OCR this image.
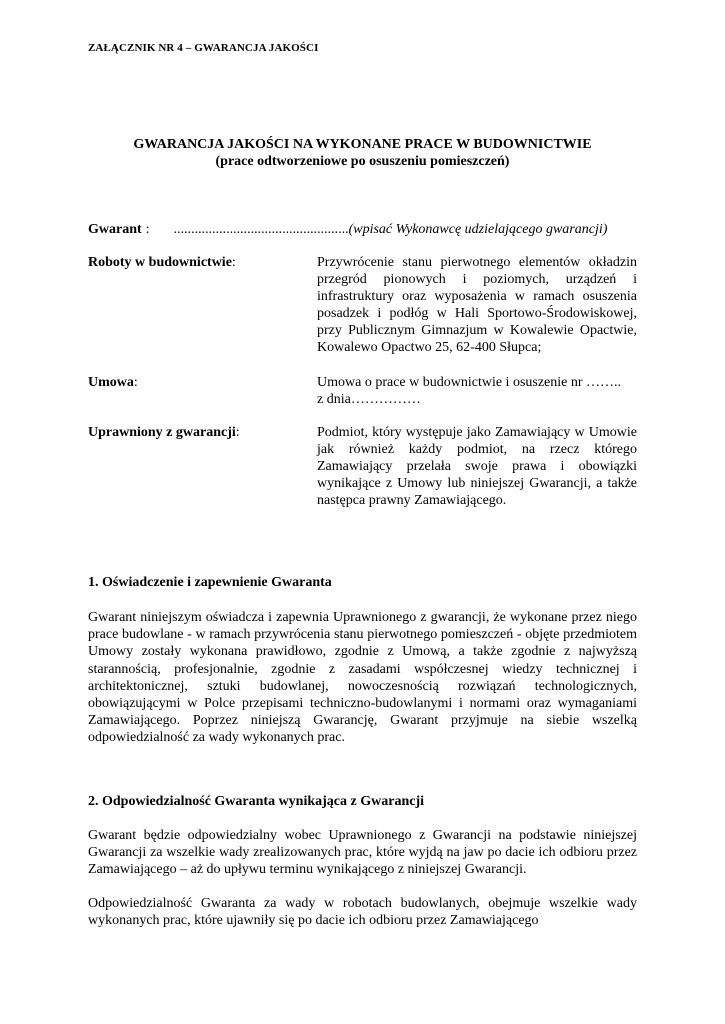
ZAŁĄCZNIK NR 4 – GWARANCJA JAKOŚCI
GWARANCJA JAKOŚCI NA WYKONANE PRACE W BUDOWNICTWIE
(prace odtworzeniowe po osuszeniu pomieszczeń)
Gwarant : ..................................................(wpisać Wykonawcę udzielającego gwarancji)
Roboty w budownictwie:	Przywrócenie stanu pierwotnego elementów okładzin przegród pionowych i poziomych, urządzeń i infrastruktury oraz wyposażenia w ramach osuszenia posadzek i podłóg w Hali Sportowo-Środowiskowej, przy Publicznym Gimnazjum w Kowalewie Opactwie, Kowalewo Opactwo 25, 62-400 Słupca;
Umowa:	Umowa o prace w budownictwie i osuszenie nr ……..
z dnia……………
Uprawniony z gwarancji:	Podmiot, który występuje jako Zamawiający w Umowie jak również każdy podmiot, na rzecz którego Zamawiający przelała swoje prawa i obowiązki wynikające z Umowy lub niniejszej Gwarancji, a także następca prawny Zamawiającego.
1. Oświadczenie i zapewnienie Gwaranta
Gwarant niniejszym oświadcza i zapewnia Uprawnionego z gwarancji, że wykonane przez niego prace budowlane - w ramach przywrócenia stanu pierwotnego pomieszczeń - objęte przedmiotem Umowy zostały wykonana prawidłowo, zgodnie z Umową, a także zgodnie z najwyższą starannością, profesjonalnie, zgodnie z zasadami współczesnej wiedzy technicznej i architektonicznej, sztuki budowlanej, nowoczesnością rozwiązań technologicznych, obowiązującymi w Polce przepisami techniczno-budowlanymi i normami oraz wymaganiami Zamawiającego. Poprzez niniejszą Gwarancję, Gwarant przyjmuje na siebie wszelką odpowiedzialność za wady wykonanych prac.
2. Odpowiedzialność Gwaranta wynikająca z Gwarancji
Gwarant będzie odpowiedzialny wobec Uprawnionego z Gwarancji na podstawie niniejszej Gwarancji za wszelkie wady zrealizowanych prac, które wyjdą na jaw po dacie ich odbioru przez Zamawiającego – aż do upływu terminu wynikającego z niniejszej Gwarancji.
Odpowiedzialność Gwaranta za wady w robotach budowlanych, obejmuje wszelkie wady wykonanych prac, które ujawniły się po dacie ich odbioru przez Zamawiającego
